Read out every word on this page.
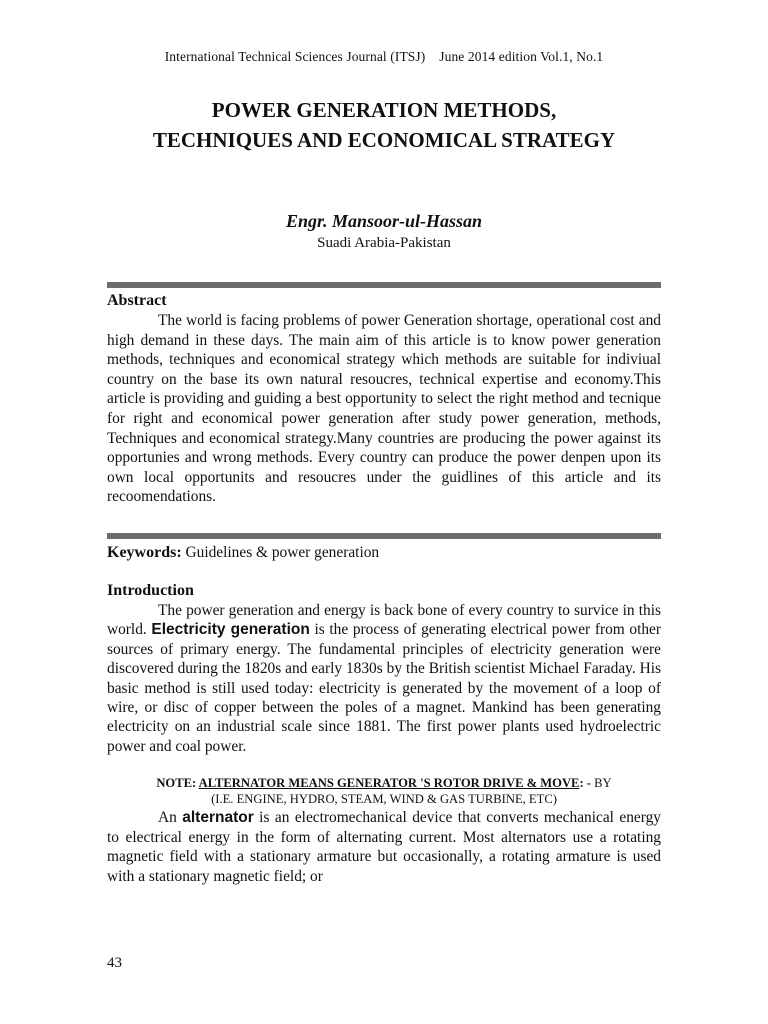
International Technical Sciences Journal (ITSJ)    June 2014 edition Vol.1, No.1
POWER GENERATION METHODS,
TECHNIQUES AND ECONOMICAL STRATEGY
Engr. Mansoor-ul-Hassan
Suadi Arabia-Pakistan
Abstract
The world is facing problems of power Generation shortage, operational cost and high demand in these days. The main aim of this article is to know power generation methods, techniques and economical strategy which methods are suitable for indiviual country on the base its own natural resoucres, technical expertise and economy.This article is providing and guiding a best opportunity to select the right method and tecnique for right and economical power generation after study power generation, methods, Techniques and economical strategy.Many countries are producing the power against its opportunies and wrong methods. Every country can produce the power denpen upon its own local opportunits and resoucres under the guidlines of this article and its recoomendations.
Keywords: Guidelines & power generation
Introduction
The power generation and energy is back bone of every country to survice in this world. Electricity generation is the process of generating electrical power from other sources of primary energy. The fundamental principles of electricity generation were discovered during the 1820s and early 1830s by the British scientist Michael Faraday. His basic method is still used today: electricity is generated by the movement of a loop of wire, or disc of copper between the poles of a magnet. Mankind has been generating electricity on an industrial scale since 1881. The first power plants used hydroelectric power and coal power.
NOTE: ALTERNATOR MEANS GENERATOR 'S ROTOR DRIVE & MOVE: - BY
(I.E. ENGINE, HYDRO, STEAM, WIND & GAS TURBINE, ETC)
An alternator is an electromechanical device that converts mechanical energy to electrical energy in the form of alternating current. Most alternators use a rotating magnetic field with a stationary armature but occasionally, a rotating armature is used with a stationary magnetic field; or
43
